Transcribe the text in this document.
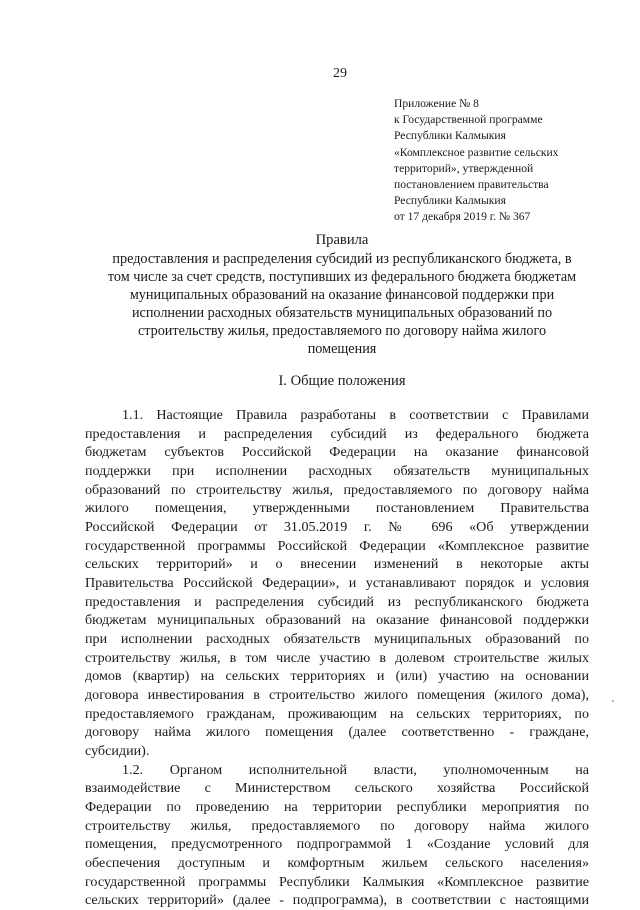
29
Приложение № 8
к Государственной программе
Республики Калмыкия
«Комплексное развитие сельских
территорий», утвержденной
постановлением правительства
Республики Калмыкия
от 17 декабря 2019 г. № 367
Правила
предоставления и распределения субсидий из республиканского бюджета, в
том числе за счет средств, поступивших из федерального бюджета бюджетам
муниципальных образований на оказание финансовой поддержки при
исполнении расходных обязательств муниципальных образований по
строительству жилья, предоставляемого по договору найма жилого
помещения
I. Общие положения
1.1. Настоящие Правила разработаны в соответствии с Правилами
предоставления и распределения субсидий из федерального бюджета
бюджетам субъектов Российской Федерации на оказание финансовой
поддержки при исполнении расходных обязательств муниципальных
образований по строительству жилья, предоставляемого по договору найма
жилого помещения, утвержденными постановлением Правительства
Российской Федерации от 31.05.2019 г. № 696 «Об утверждении
государственной программы Российской Федерации «Комплексное развитие
сельских территорий» и о внесении изменений в некоторые акты
Правительства Российской Федерации», и устанавливают порядок и условия
предоставления и распределения субсидий из республиканского бюджета
бюджетам муниципальных образований на оказание финансовой поддержки
при исполнении расходных обязательств муниципальных образований по
строительству жилья, в том числе участию в долевом строительстве жилых
домов (квартир) на сельских территориях и (или) участию на основании
договора инвестирования в строительство жилого помещения (жилого дома),
предоставляемого гражданам, проживающим на сельских территориях, по
договору найма жилого помещения (далее соответственно - граждане,
субсидии).
1.2. Органом исполнительной власти, уполномоченным на
взаимодействие с Министерством сельского хозяйства Российской
Федерации по проведению на территории республики мероприятия по
строительству жилья, предоставляемого по договору найма жилого
помещения, предусмотренного подпрограммой 1 «Создание условий для
обеспечения доступным и комфортным жильем сельского населения»
государственной программы Республики Калмыкия «Комплексное развитие
сельских территорий» (далее - подпрограмма), в соответствии с настоящими
